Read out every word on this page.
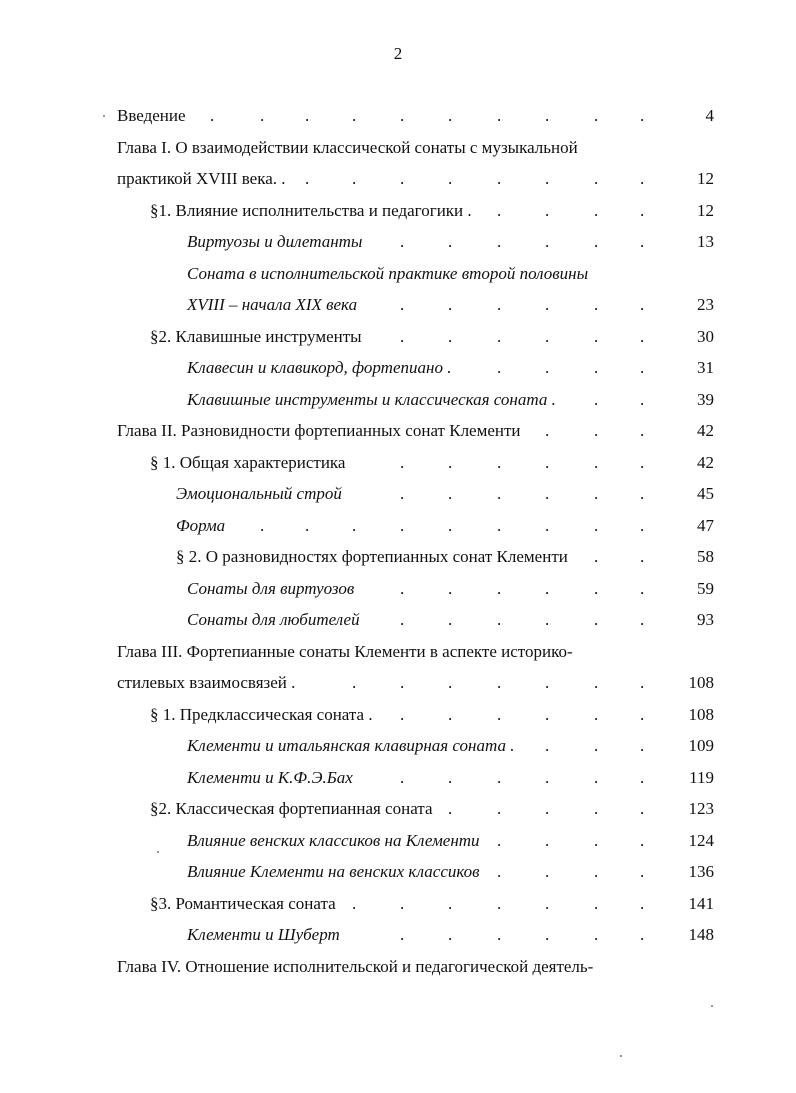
2
Введение	4
.	. .	.	.	.	.	.	. .
Глава I. О взаимодействии классической сонаты с музыкальной
практикой XVIII века. .	12
.	.	.	.	.	.	. .
§1. Влияние исполнительства и педагогики .	12
.	.	. .
Виртуозы и дилетанты	13
.	.	.	.	. .
Соната в исполнительской практике второй половины
XVIII – начала XIX века	23
.	.	.	.	. .
§2. Клавишные инструменты	30
.	.	.	.	. .
Клавесин и клавикорд, фортепиано .	31
.	.	. .
Клавишные инструменты и классическая соната .	39
. .
Глава II. Разновидности фортепианных сонат Клементи	42
.	. .
§ 1. Общая характеристика	42
.	.	.	.	. .
Эмоциональный строй	45
.	.	.	.	. .
Форма	47
. .	.	.	.	.	.	. .
§ 2. О разновидностях фортепианных сонат Клементи	58
. .
Сонаты для виртуозов	59
.	.	.	.	. .
Сонаты для любителей	93
.	.	.	.	. .
Глава III. Фортепианные сонаты Клементи в аспекте историко-
стилевых взаимосвязей .	108
.	.	.	.	.	. .
§ 1. Предклассическая соната .	108
.	.	.	.	. .
Клементи и итальянская клавирная соната .	109
.	. .
Клементи и К.Ф.Э.Бах	119
.	.	.	.	. .
§2. Классическая фортепианная соната	123
.	.	.	. .
Влияние венских классиков на Клементи	124
.	.	. .
Влияние Клементи на венских классиков	136
.	.	. .
§3. Романтическая соната	141
.	.	.	.	.	. .
Клементи и Шуберт	148
.	.	.	.	. .
Глава IV. Отношение исполнительской и педагогической деятель-
